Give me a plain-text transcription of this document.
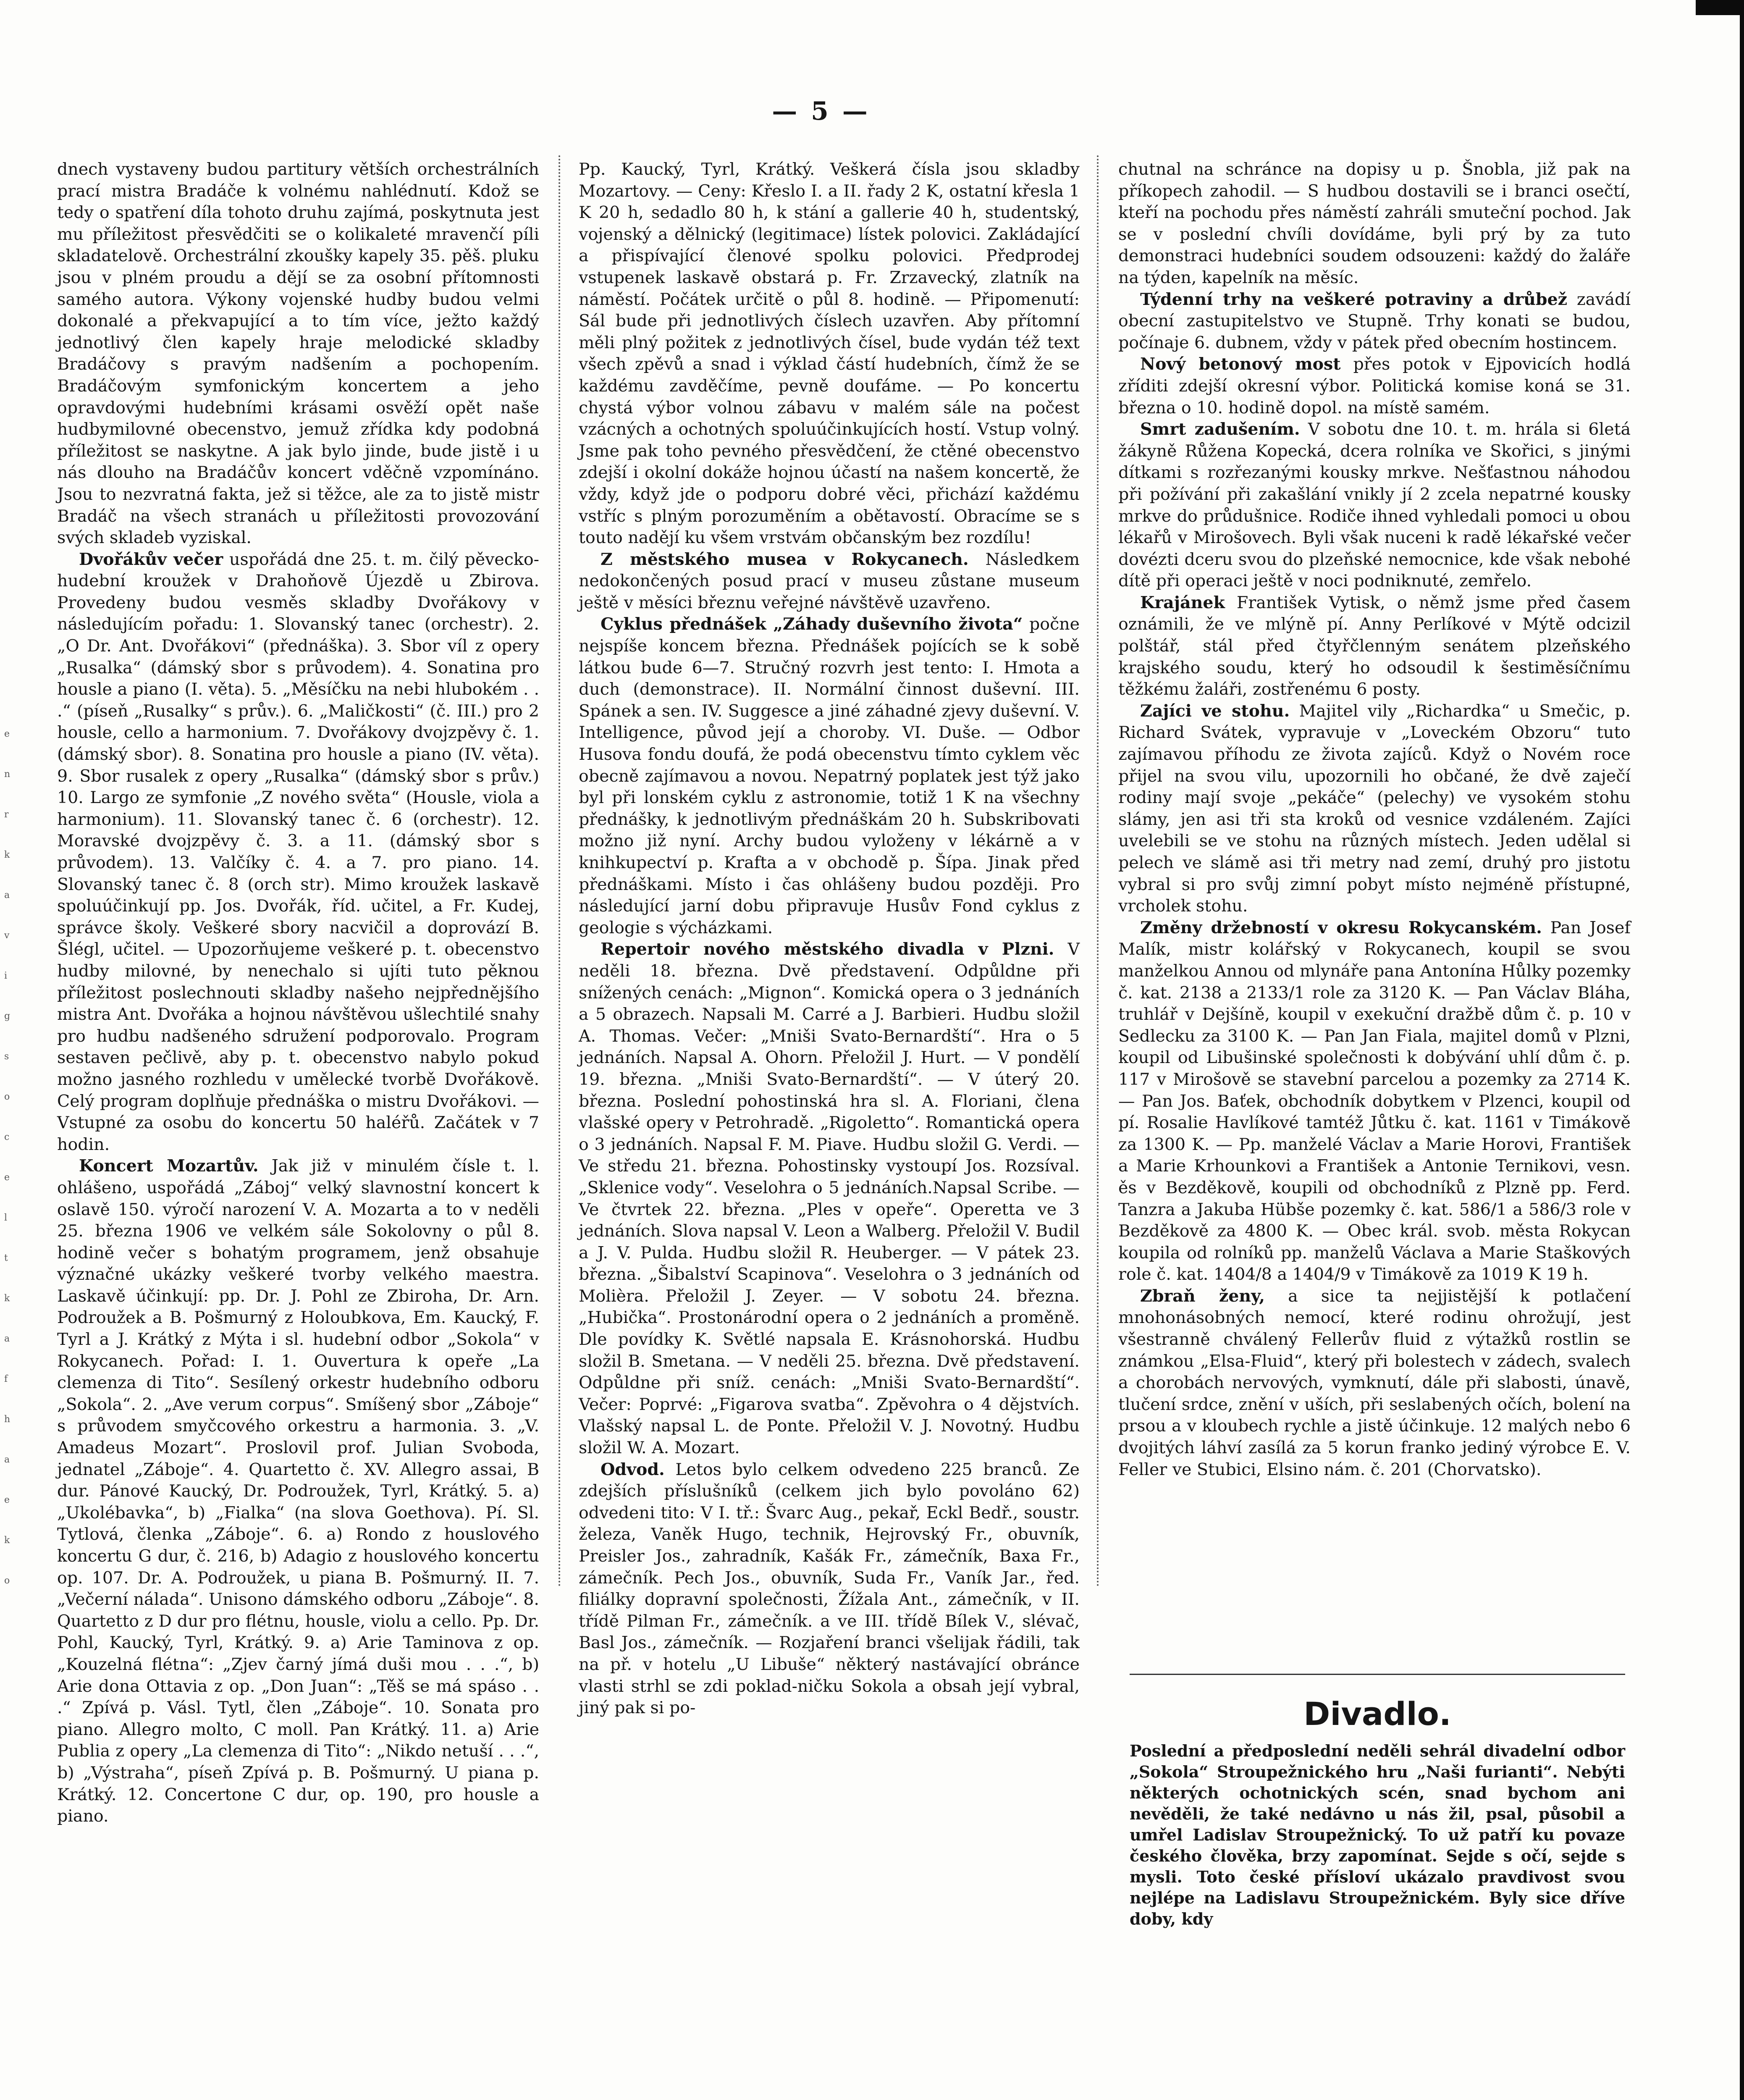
— 5 —
e
n
r
k
a
v
i
g
s
o
c
e
l
t
k
a
f
h
a
e
k
o

dnech vystaveny budou partitury větších orchestrálních prací mistra Bradáče k volnému nahlédnutí. Kdož se tedy o spatření díla tohoto druhu zajímá, poskytnuta jest mu příležitost přesvědčiti se o kolikaleté mravenčí píli skladatelově. Orchestrální zkoušky kapely 35. pěš. pluku jsou v plném proudu a dějí se za osobní přítomnosti samého autora. Výkony vojenské hudby budou velmi dokonalé a překvapující a to tím více, ježto každý jednotlivý člen kapely hraje melodické skladby Bradáčovy s pravým nadšením a pochopením. Bradáčovým symfonickým koncertem a jeho opravdovými hudebními krásami osvěží opět naše hudbymilovné obecenstvo, jemuž zřídka kdy podobná příležitost se naskytne. A jak bylo jinde, bude jistě i u nás dlouho na Bradáčův koncert vděčně vzpomínáno. Jsou to nezvratná fakta, jež si těžce, ale za to jistě mistr Bradáč na všech stranách u příležitosti provozování svých skladeb vyziskal.

Dvořákův večer uspořádá dne 25. t. m. čilý pěvecko-hudební kroužek v Drahoňově Újezdě u Zbirova. Provedeny budou vesměs skladby Dvořákovy v následujícím pořadu: 1. Slovanský tanec (orchestr). 2. „O Dr. Ant. Dvořákovi“ (přednáška). 3. Sbor víl z opery „Rusalka“ (dámský sbor s průvodem). 4. Sonatina pro housle a piano (I. věta). 5. „Měsíčku na nebi hlubokém . . .“ (píseň „Rusalky“ s prův.). 6. „Maličkosti“ (č. III.) pro 2 housle, cello a harmonium. 7. Dvořákovy dvojzpěvy č. 1. (dámský sbor). 8. Sonatina pro housle a piano (IV. věta). 9. Sbor rusalek z opery „Rusalka“ (dámský sbor s prův.) 10. Largo ze symfonie „Z nového světa“ (Housle, viola a harmonium). 11. Slovanský tanec č. 6 (orchestr). 12. Moravské dvojzpěvy č. 3. a 11. (dámský sbor s průvodem). 13. Valčíky č. 4. a 7. pro piano. 14. Slovanský tanec č. 8 (orch str). Mimo kroužek laskavě spoluúčinkují pp. Jos. Dvořák, říd. učitel, a Fr. Kudej, správce školy. Veškeré sbory nacvičil a doprovází B. Šlégl, učitel. — Upozorňujeme veškeré p. t. obecenstvo hudby milovné, by nenechalo si ujíti tuto pěknou příležitost poslechnouti skladby našeho nejpřednějšího mistra Ant. Dvořáka a hojnou návštěvou ušlechtilé snahy pro hudbu nadšeného sdružení podporovalo. Program sestaven pečlivě, aby p. t. obecenstvo nabylo pokud možno jasného rozhledu v umělecké tvorbě Dvořákově. Celý program doplňuje přednáška o mistru Dvořákovi. — Vstupné za osobu do koncertu 50 haléřů. Začátek v 7 hodin.

Koncert Mozartův. Jak již v minulém čísle t. l. ohlášeno, uspořádá „Záboj“ velký slavnostní koncert k oslavě 150. výročí narození V. A. Mozarta a to v neděli 25. března 1906 ve velkém sále Sokolovny o půl 8. hodině večer s bohatým programem, jenž obsahuje význačné ukázky veškeré tvorby velkého maestra. Laskavě účinkují: pp. Dr. J. Pohl ze Zbiroha, Dr. Arn. Podroužek a B. Pošmurný z Holoubkova, Em. Kaucký, F. Tyrl a J. Krátký z Mýta i sl. hudební odbor „Sokola“ v Rokycanech. Pořad: I. 1. Ouvertura k opeře „La clemenza di Tito“. Sesílený orkestr hudebního odboru „Sokola“. 2. „Ave verum corpus“. Smíšený sbor „Záboje“ s průvodem smyčcového orkestru a harmonia. 3. „V. Amadeus Mozart“. Proslovil prof. Julian Svoboda, jednatel „Záboje“. 4. Quartetto č. XV. Allegro assai, B dur. Pánové Kaucký, Dr. Podroužek, Tyrl, Krátký. 5. a) „Ukolébavka“, b) „Fialka“ (na slova Goethova). Pí. Sl. Tytlová, členka „Záboje“. 6. a) Rondo z houslového koncertu G dur, č. 216, b) Adagio z houslového koncertu op. 107. Dr. A. Podroužek, u piana B. Pošmurný. II. 7. „Večerní nálada“. Unisono dámského odboru „Záboje“. 8. Quartetto z D dur pro flétnu, housle, violu a cello. Pp. Dr. Pohl, Kaucký, Tyrl, Krátký. 9. a) Arie Taminova z op. „Kouzelná flétna“: „Zjev čarný jímá duši mou . . .“, b) Arie dona Ottavia z op. „Don Juan“: „Těš se má spáso . . .“ Zpívá p. Vásl. Tytl, člen „Záboje“. 10. Sonata pro piano. Allegro molto, C moll. Pan Krátký. 11. a) Arie Publia z opery „La clemenza di Tito“: „Nikdo netuší . . .“, b) „Výstraha“, píseň Zpívá p. B. Pošmurný. U piana p. Krátký. 12. Concertone C dur, op. 190, pro housle a piano.

Pp. Kaucký, Tyrl, Krátký. Veškerá čísla jsou skladby Mozartovy. — Ceny: Křeslo I. a II. řady 2 K, ostatní křesla 1 K 20 h, sedadlo 80 h, k stání a gallerie 40 h, studentský, vojenský a dělnický (legitimace) lístek polovici. Zakládající a přispívající členové spolku polovici. Předprodej vstupenek laskavě obstará p. Fr. Zrzavecký, zlatník na náměstí. Počátek určitě o půl 8. hodině. — Připomenutí: Sál bude při jednotlivých číslech uzavřen. Aby přítomní měli plný požitek z jednotlivých čísel, bude vydán též text všech zpěvů a snad i výklad částí hudebních, čímž že se každému zavděčíme, pevně doufáme. — Po koncertu chystá výbor volnou zábavu v malém sále na počest vzácných a ochotných spoluúčinkujících hostí. Vstup volný. Jsme pak toho pevného přesvědčení, že ctěné obecenstvo zdejší i okolní dokáže hojnou účastí na našem koncertě, že vždy, když jde o podporu dobré věci, přichází každému vstříc s plným porozuměním a obětavostí. Obracíme se s touto nadějí ku všem vrstvám občanským bez rozdílu!

Z městského musea v Rokycanech. Následkem nedokončených posud prací v museu zůstane museum ještě v měsíci březnu veřejné návštěvě uzavřeno.

Cyklus přednášek „Záhady duševního života“ počne nejspíše koncem března. Přednášek pojících se k sobě látkou bude 6—7. Stručný rozvrh jest tento: I. Hmota a duch (demonstrace). II. Normální činnost duševní. III. Spánek a sen. IV. Suggesce a jiné záhadné zjevy duševní. V. Intelligence, původ její a choroby. VI. Duše. — Odbor Husova fondu doufá, že podá obecenstvu tímto cyklem věc obecně zajímavou a novou. Nepatrný poplatek jest týž jako byl při lonském cyklu z astronomie, totiž 1 K na všechny přednášky, k jednotlivým přednáškám 20 h. Subskribovati možno již nyní. Archy budou vyloženy v lékárně a v knihkupectví p. Krafta a v obchodě p. Šípa. Jinak před přednáškami. Místo i čas ohlášeny budou později. Pro následující jarní dobu připravuje Husův Fond cyklus z geologie s výcházkami.

Repertoir nového městského divadla v Plzni. V neděli 18. března. Dvě představení. Odpůldne při snížených cenách: „Mignon“. Komická opera o 3 jednáních a 5 obrazech. Napsali M. Carré a J. Barbieri. Hudbu složil A. Thomas. Večer: „Mniši Svato-Bernardští“. Hra o 5 jednáních. Napsal A. Ohorn. Přeložil J. Hurt. — V pondělí 19. března. „Mniši Svato-Bernardští“. — V úterý 20. března. Poslední pohostinská hra sl. A. Floriani, člena vlašské opery v Petrohradě. „Rigoletto“. Romantická opera o 3 jednáních. Napsal F. M. Piave. Hudbu složil G. Verdi. — Ve středu 21. března. Pohostinsky vystoupí Jos. Rozsíval. „Sklenice vody“. Veselohra o 5 jednáních.Napsal Scribe. — Ve čtvrtek 22. března. „Ples v opeře“. Operetta ve 3 jednáních. Slova napsal V. Leon a Walberg. Přeložil V. Budil a J. V. Pulda. Hudbu složil R. Heuberger. — V pátek 23. března. „Šibalství Scapinova“. Veselohra o 3 jednáních od Molièra. Přeložil J. Zeyer. — V sobotu 24. března. „Hubička“. Prostonárodní opera o 2 jednáních a proměně. Dle povídky K. Světlé napsala E. Krásnohorská. Hudbu složil B. Smetana. — V neděli 25. března. Dvě představení. Odpůldne při sníž. cenách: „Mniši Svato-Bernardští“. Večer: Poprvé: „Figarova svatba“. Zpěvohra o 4 dějstvích. Vlašský napsal L. de Ponte. Přeložil V. J. Novotný. Hudbu složil W. A. Mozart.

Odvod. Letos bylo celkem odvedeno 225 branců. Ze zdejších příslušníků (celkem jich bylo povoláno 62) odvedeni tito: V I. tř.: Švarc Aug., pekař, Eckl Bedř., soustr. železa, Vaněk Hugo, technik, Hejrovský Fr., obuvník, Preisler Jos., zahradník, Kašák Fr., zámečník, Baxa Fr., zámečník. Pech Jos., obuvník, Suda Fr., Vaník Jar., řed. filiálky dopravní společnosti, Žížala Ant., zámečník, v II. třídě Pilman Fr., zámečník. a ve III. třídě Bílek V., slévač, Basl Jos., zámečník. — Rozjaření branci všelijak řádili, tak na př. v hotelu „U Libuše“ některý nastávající obránce vlasti strhl se zdi poklad-ničku Sokola a obsah její vybral, jiný pak si po-

chutnal na schránce na dopisy u p. Šnobla, již pak na příkopech zahodil. — S hudbou dostavili se i branci osečtí, kteří na pochodu přes náměstí zahráli smuteční pochod. Jak se v poslední chvíli dovídáme, byli prý by za tuto demonstraci hudebníci soudem odsouzeni: každý do žaláře na týden, kapelník na měsíc.

Týdenní trhy na veškeré potraviny a drůbež zavádí obecní zastupitelstvo ve Stupně. Trhy konati se budou, počínaje 6. dubnem, vždy v pátek před obecním hostincem.

Nový betonový most přes potok v Ejpovicích hodlá zříditi zdejší okresní výbor. Politická komise koná se 31. března o 10. hodině dopol. na místě samém.

Smrt zadušením. V sobotu dne 10. t. m. hrála si 6letá žákyně Růžena Kopecká, dcera rolníka ve Skořici, s jinými dítkami s rozřezanými kousky mrkve. Nešťastnou náhodou při požívání při zakašlání vnikly jí 2 zcela nepatrné kousky mrkve do průdušnice. Rodiče ihned vyhledali pomoci u obou lékařů v Mirošovech. Byli však nuceni k radě lékařské večer dovézti dceru svou do plzeňské nemocnice, kde však nebohé dítě při operaci ještě v noci podniknuté, zemřelo.

Krajánek František Vytisk, o němž jsme před časem oznámili, že ve mlýně pí. Anny Perlíkové v Mýtě odcizil polštář, stál před čtyřčlenným senátem plzeňského krajského soudu, který ho odsoudil k šestiměsíčnímu těžkému žaláři, zostřenému 6 posty.

Zajíci ve stohu. Majitel vily „Richardka“ u Smečic, p. Richard Svátek, vypravuje v „Loveckém Obzoru“ tuto zajímavou příhodu ze života zajíců. Když o Novém roce přijel na svou vilu, upozornili ho občané, že dvě zaječí rodiny mají svoje „pekáče“ (pelechy) ve vysokém stohu slámy, jen asi tři sta kroků od vesnice vzdáleném. Zajíci uvelebili se ve stohu na různých místech. Jeden udělal si pelech ve slámě asi tři metry nad zemí, druhý pro jistotu vybral si pro svůj zimní pobyt místo nejméně přístupné, vrcholek stohu.

Změny držebností v okresu Rokycanském. Pan Josef Malík, mistr kolářský v Rokycanech, koupil se svou manželkou Annou od mlynáře pana Antonína Hůlky pozemky č. kat. 2138 a 2133/1 role za 3120 K. — Pan Václav Bláha, truhlář v Dejšíně, koupil v exekuční dražbě dům č. p. 10 v Sedlecku za 3100 K. — Pan Jan Fiala, majitel domů v Plzni, koupil od Libušinské společnosti k dobývání uhlí dům č. p. 117 v Mirošově se stavební parcelou a pozemky za 2714 K. — Pan Jos. Baťek, obchodník dobytkem v Plzenci, koupil od pí. Rosalie Havlíkové tamtéž Jůtku č. kat. 1161 v Timákově za 1300 K. — Pp. manželé Václav a Marie Horovi, František a Marie Krhounkovi a František a Antonie Ternikovi, vesn. ěs v Bezděkově, koupili od obchodníků z Plzně pp. Ferd. Tanzra a Jakuba Hübše pozemky č. kat. 586/1 a 586/3 role v Bezděkově za 4800 K. — Obec král. svob. města Rokycan koupila od rolníků pp. manželů Václava a Marie Staškových role č. kat. 1404/8 a 1404/9 v Timákově za 1019 K 19 h.

Zbraň ženy, a sice ta nejjistější k potlačení mnohonásobných nemocí, které rodinu ohrožují, jest všestranně chválený Fellerův fluid z výtažků rostlin se známkou „Elsa-Fluid“, který při bolestech v zádech, svalech a chorobách nervových, vymknutí, dále při slabosti, únavě, tlučení srdce, znění v uších, při seslabených očích, bolení na prsou a v kloubech rychle a jistě účinkuje. 12 malých nebo 6 dvojitých láhví zasílá za 5 korun franko jediný výrobce E. V. Feller ve Stubici, Elsino nám. č. 201 (Chorvatsko).

Divadlo.
Poslední a předposlední neděli sehrál divadelní odbor „Sokola“ Stroupežnického hru „Naši furianti“. Nebýti některých ochotnických scén, snad bychom ani nevěděli, že také nedávno u nás žil, psal, působil a umřel Ladislav Stroupežnický. To už patří ku povaze českého člověka, brzy zapomínat. Sejde s očí, sejde s mysli. Toto české přísloví ukázalo pravdivost svou nejlépe na Ladislavu Stroupežnickém. Byly sice dříve doby, kdy
